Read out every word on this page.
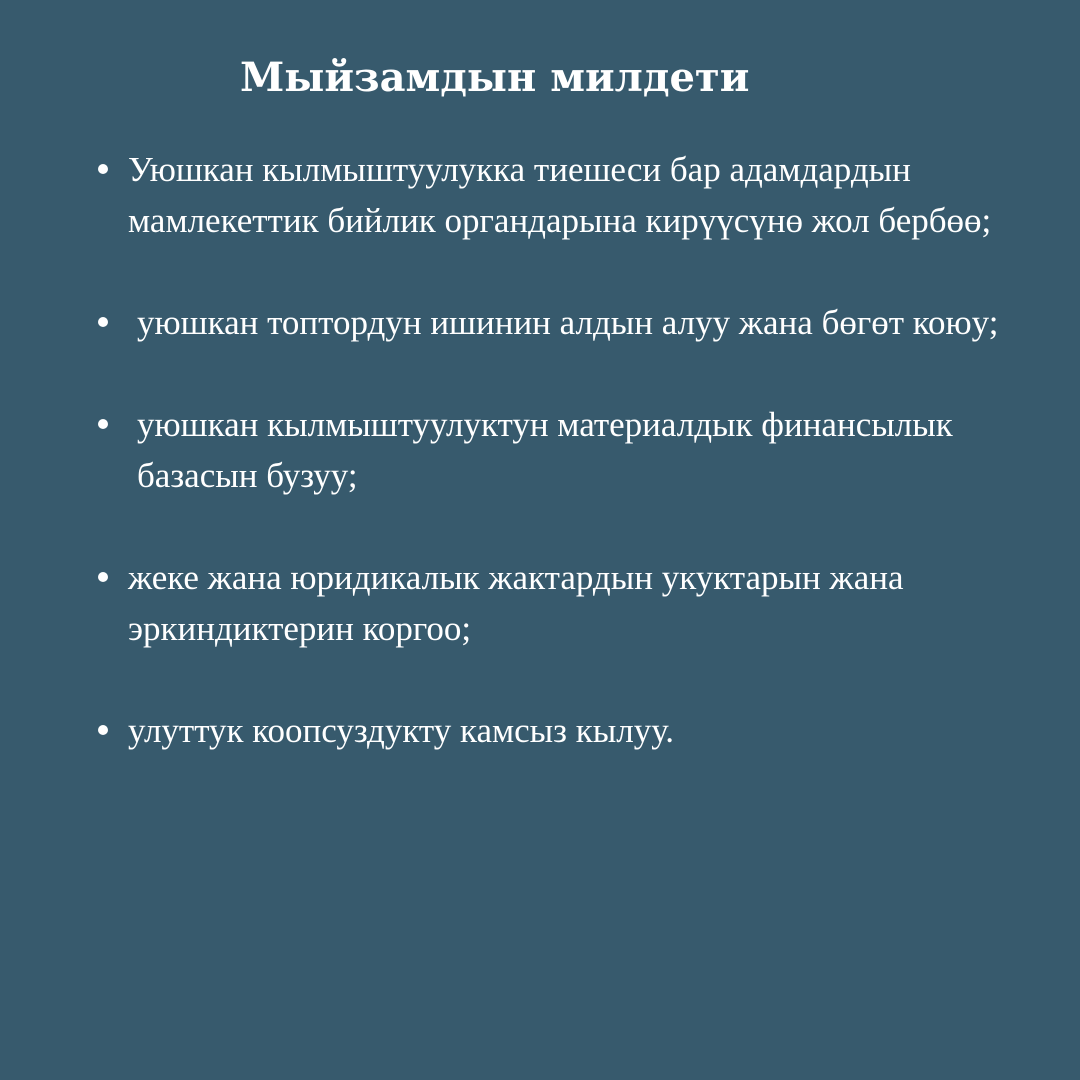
Мыйзамдын милдети
Уюшкан кылмыштуулукка тиешеси бар адамдардын мамлекеттик бийлик органдарына кирүүсүнө жол бербөө;
уюшкан топтордун ишинин алдын алуу жана бөгөт коюу;
уюшкан кылмыштуулуктун материалдык финансылык базасын бузуу;
жеке жана юридикалык жактардын укуктарын жана эркиндиктерин коргоо;
улуттук коопсуздукту камсыз кылуу.
